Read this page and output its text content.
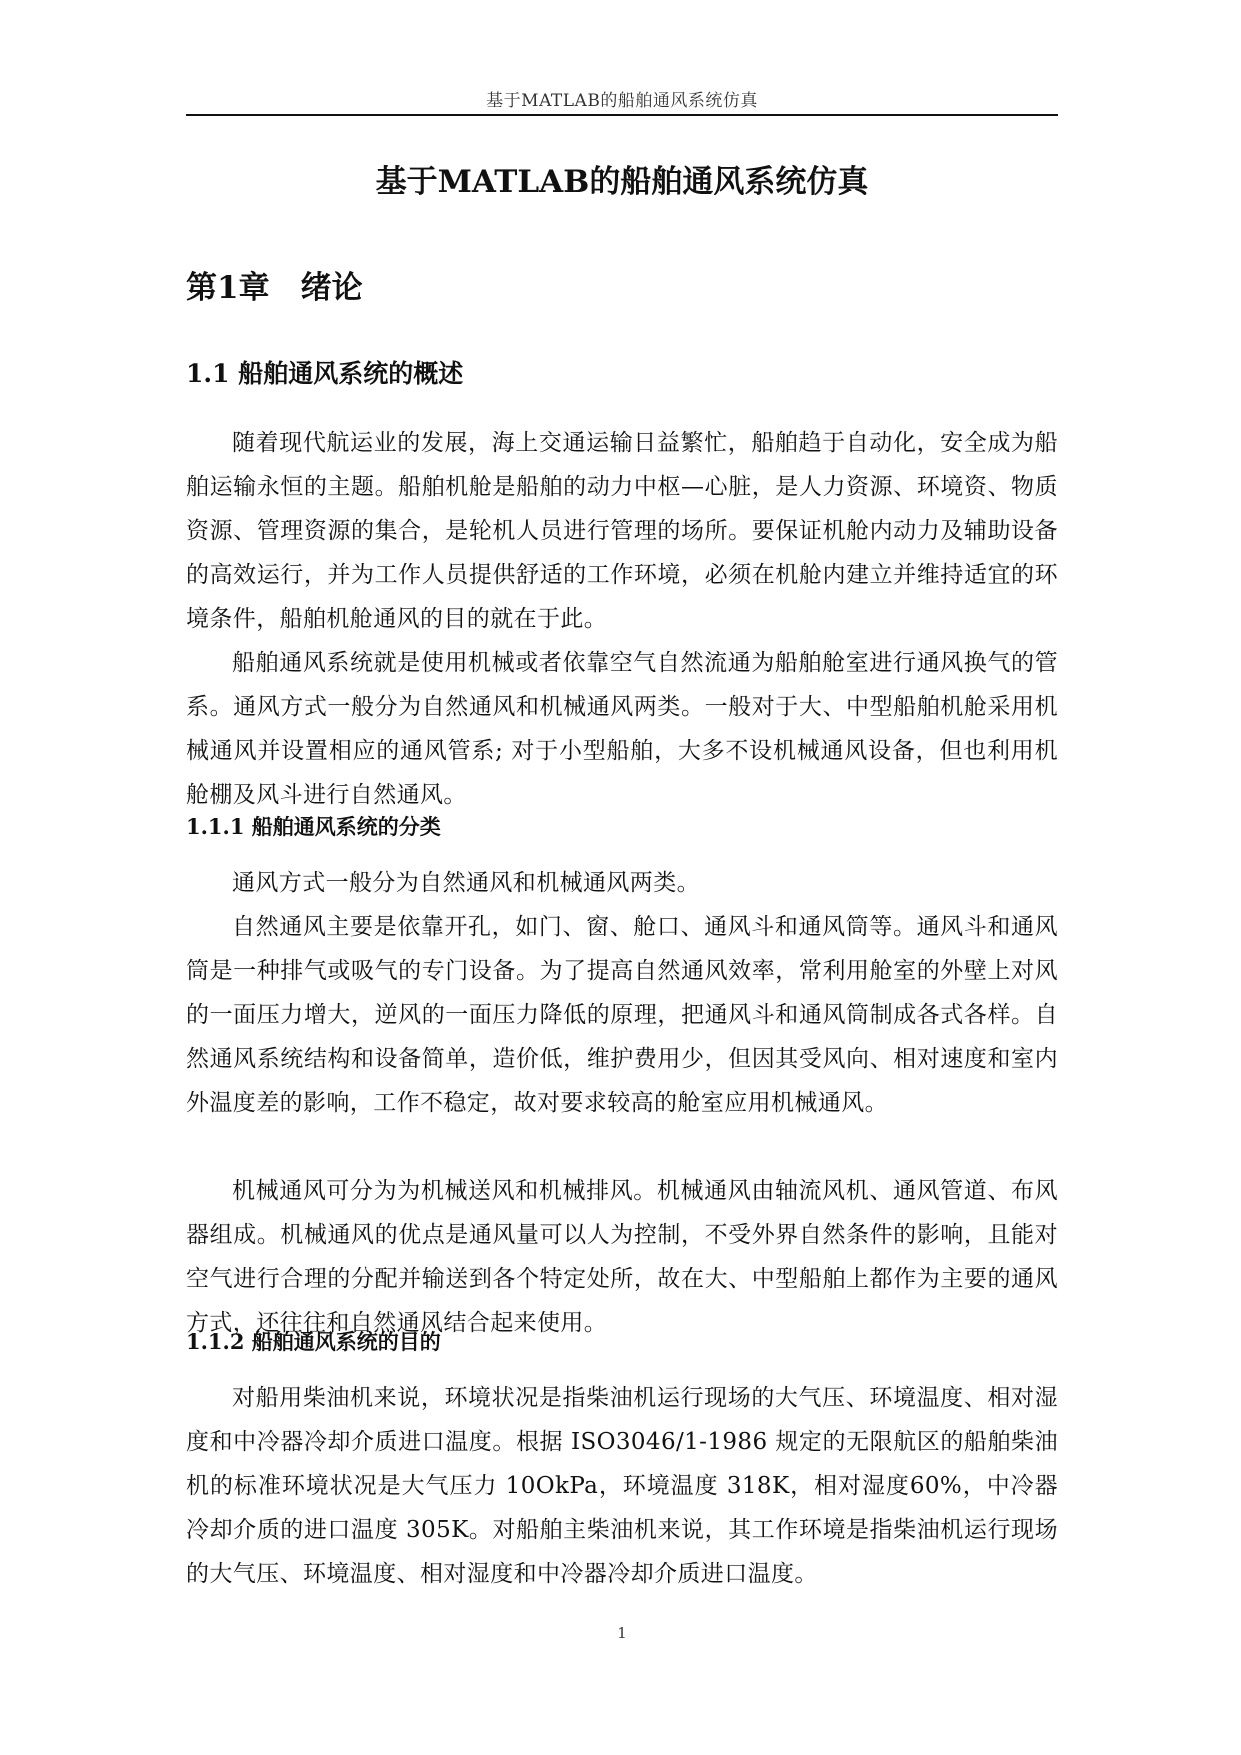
基于MATLAB的船舶通风系统仿真
基于MATLAB的船舶通风系统仿真
第1章　绪论
1.1 船舶通风系统的概述

随着现代航运业的发展，海上交通运输日益繁忙，船舶趋于自动化，安全成为船舶运输永恒的主题。船舶机舱是船舶的动力中枢—心脏，是人力资源、环境资、物质资源、管理资源的集合，是轮机人员进行管理的场所。要保证机舱内动力及辅助设备的高效运行，并为工作人员提供舒适的工作环境，必须在机舱内建立并维持适宜的环境条件，船舶机舱通风的目的就在于此。

船舶通风系统就是使用机械或者依靠空气自然流通为船舶舱室进行通风换气的管系。通风方式一般分为自然通风和机械通风两类。一般对于大、中型船舶机舱采用机械通风并设置相应的通风管系; 对于小型船舶，大多不设机械通风设备，但也利用机舱棚及风斗进行自然通风。

1.1.1 船舶通风系统的分类

通风方式一般分为自然通风和机械通风两类。

自然通风主要是依靠开孔，如门、窗、舱口、通风斗和通风筒等。通风斗和通风筒是一种排气或吸气的专门设备。为了提高自然通风效率，常利用舱室的外壁上对风的一面压力增大，逆风的一面压力降低的原理，把通风斗和通风筒制成各式各样。自然通风系统结构和设备简单，造价低，维护费用少，但因其受风向、相对速度和室内外温度差的影响，工作不稳定，故对要求较高的舱室应用机械通风。

机械通风可分为为机械送风和机械排风。机械通风由轴流风机、通风管道、布风器组成。机械通风的优点是通风量可以人为控制，不受外界自然条件的影响，且能对空气进行合理的分配并输送到各个特定处所，故在大、中型船舶上都作为主要的通风方式，还往往和自然通风结合起来使用。

1.1.2 船舶通风系统的目的

对船用柴油机来说，环境状况是指柴油机运行现场的大气压、环境温度、相对湿度和中冷器冷却介质进口温度。根据 ISO3046/1-1986 规定的无限航区的船舶柴油机的标准环境状况是大气压力 10OkPa，环境温度 318K，相对湿度60%，中冷器冷却介质的进口温度 305K。对船舶主柴油机来说，其工作环境是指柴油机运行现场的大气压、环境温度、相对湿度和中冷器冷却介质进口温度。

1
